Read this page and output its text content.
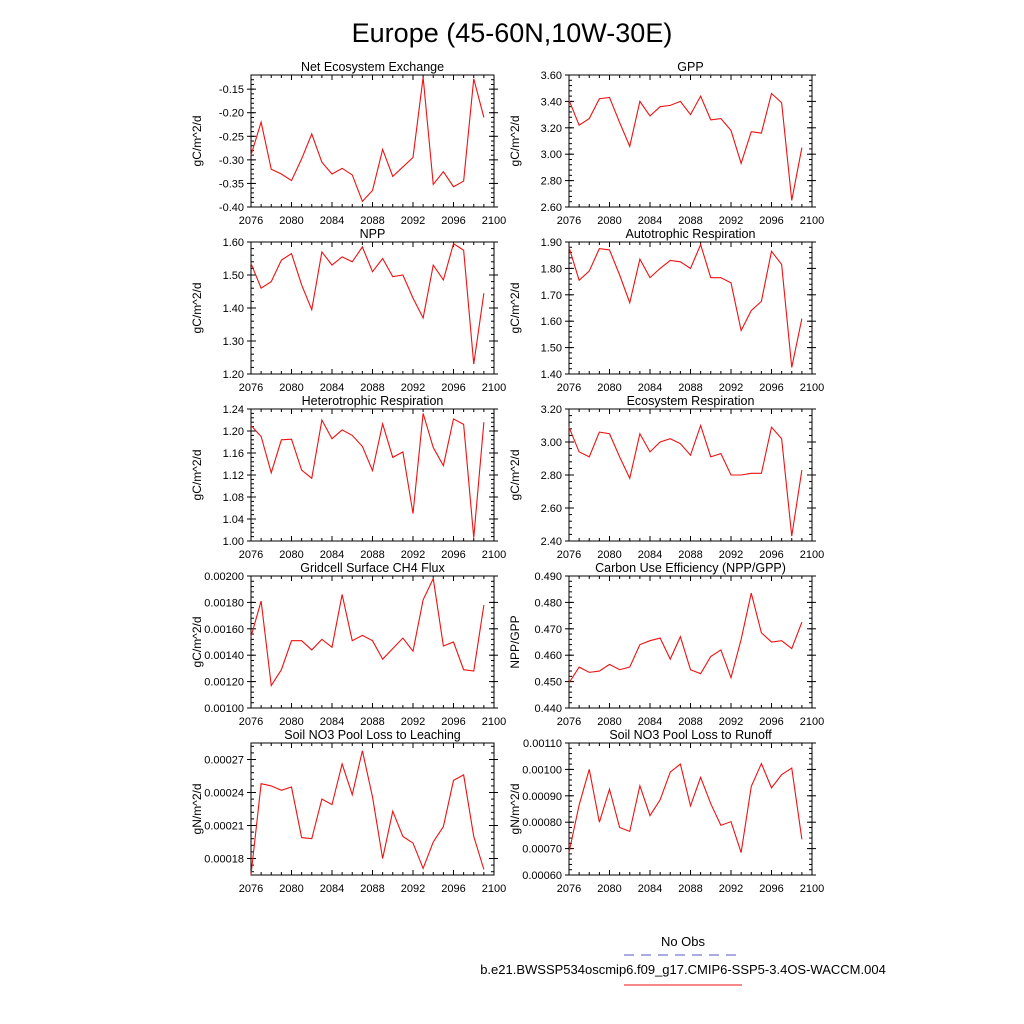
Europe (45-60N,10W-30E)
Net Ecosystem Exchange
gC/m^2/d
2076 2080 2084 2088 2092 2096 2100
-0.40
-0.35
-0.30
-0.25
-0.20
-0.15
GPP
gC/m^2/d
2076 2080 2084 2088 2092 2096 2100
2.60
2.80
3.00
3.20
3.40
3.60
NPP
gC/m^2/d
2076 2080 2084 2088 2092 2096 2100
1.20
1.30
1.40
1.50
1.60
Autotrophic Respiration
gC/m^2/d
2076 2080 2084 2088 2092 2096 2100
1.40
1.50
1.60
1.70
1.80
1.90
Heterotrophic Respiration
gC/m^2/d
2076 2080 2084 2088 2092 2096 2100
1.00
1.04
1.08
1.12
1.16
1.20
1.24
Ecosystem Respiration
gC/m^2/d
2076 2080 2084 2088 2092 2096 2100
2.40
2.60
2.80
3.00
3.20
Gridcell Surface CH4 Flux
gC/m^2/d
2076 2080 2084 2088 2092 2096 2100
0.00100
0.00120
0.00140
0.00160
0.00180
0.00200
Carbon Use Efficiency (NPP/GPP)
NPP/GPP
2076 2080 2084 2088 2092 2096 2100
0.440
0.450
0.460
0.470
0.480
0.490
Soil NO3 Pool Loss to Leaching
gN/m^2/d
2076 2080 2084 2088 2092 2096 2100
0.00018
0.00021
0.00024
0.00027
Soil NO3 Pool Loss to Runoff
gN/m^2/d
2076 2080 2084 2088 2092 2096 2100
0.00060
0.00070
0.00080
0.00090
0.00100
0.00110
No Obs
b.e21.BWSSP534oscmip6.f09_g17.CMIP6-SSP5-3.4OS-WACCM.004
